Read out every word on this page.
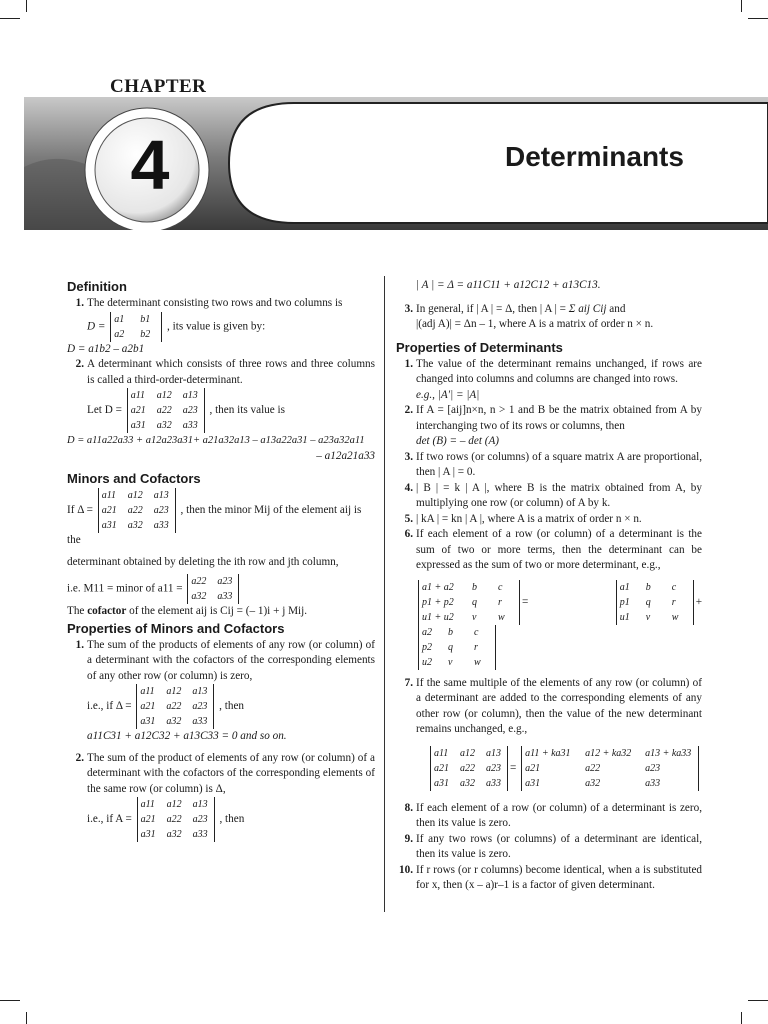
CHAPTER
4	Determinants
Definition
1. The determinant consisting two rows and two columns is
D =
a1	b1
a2	b2
, its value is given by:
D = a1b2 – a2b1
2. A determinant which consists of three rows and three columns is called a third-order-determinant.
Let D =
a11	a12	a13
a21	a22	a23
a31	a32	a33
, then its value is
D = a11a22a33 + a12a23a31+ a21a32a13 – a13a22a31 – a23a32a11
– a12a21a33
Minors and Cofactors
If Δ =
a11	a12	a13
a21	a22	a23
a31	a32	a33
, then the minor Mij of the element aij is the
determinant obtained by deleting the ith row and jth column,
i.e. M11 = minor of a11 =
a22	a23
a32	a33
The cofactor of the element aij is Cij = (– 1)i + j Mij.
Properties of Minors and Cofactors
1. The sum of the products of elements of any row (or column) of a determinant with the cofactors of the corresponding elements of any other row (or column) is zero,
i.e., if Δ =
a11	a12	a13
a21	a22	a23
a31	a32	a33
, then
a11C31 + a12C32 + a13C33 = 0 and so on.
2. The sum of the product of elements of any row (or column) of a determinant with the cofactors of the corresponding elements of the same row (or column) is Δ,
i.e., if A =
a11	a12	a13
a21	a22	a23
a31	a32	a33
, then
| A | = Δ = a11C11 + a12C12 + a13C13.
3. In general, if | A | = Δ, then | A | = Σ aij Cij and
|(adj A)| = Δn – 1, where A is a matrix of order n × n.
Properties of Determinants
1. The value of the determinant remains unchanged, if rows are changed into columns and columns are changed into rows.
e.g., |A′| = |A|
2. If A = [aij]n×n, n > 1 and B be the matrix obtained from A by interchanging two of its rows or columns, then
det (B) = – det (A)
3. If two rows (or columns) of a square matrix A are proportional, then | A | = 0.
4. | B | = k | A |, where B is the matrix obtained from A, by multiplying one row (or column) of A by k.
5. | kA | = kn | A |, where A is a matrix of order n × n.
6. If each element of a row (or column) of a determinant is the sum of two or more terms, then the determinant can be expressed as the sum of two or more determinant, e.g.,
a1 + a2	b	c
p1 + p2	q	r
u1 + u2	v	w
=
a1	b	c
p1	q	r
u1	v	w
+
a2	b	c
p2	q	r
u2	v	w
7. If the same multiple of the elements of any row (or column) of a determinant are added to the corresponding elements of any other row (or column), then the value of the new determinant remains unchanged, e.g.,
a11	a12	a13
a21	a22	a23
a31	a32	a33
=
a11 + ka31	a12 + ka32	a13 + ka33
a21	a22	a23
a31	a32	a33
8. If each element of a row (or column) of a determinant is zero, then its value is zero.
9. If any two rows (or columns) of a determinant are identical, then its value is zero.
10. If r rows (or r columns) become identical, when a is substituted for x, then (x – a)r–1 is a factor of given determinant.
